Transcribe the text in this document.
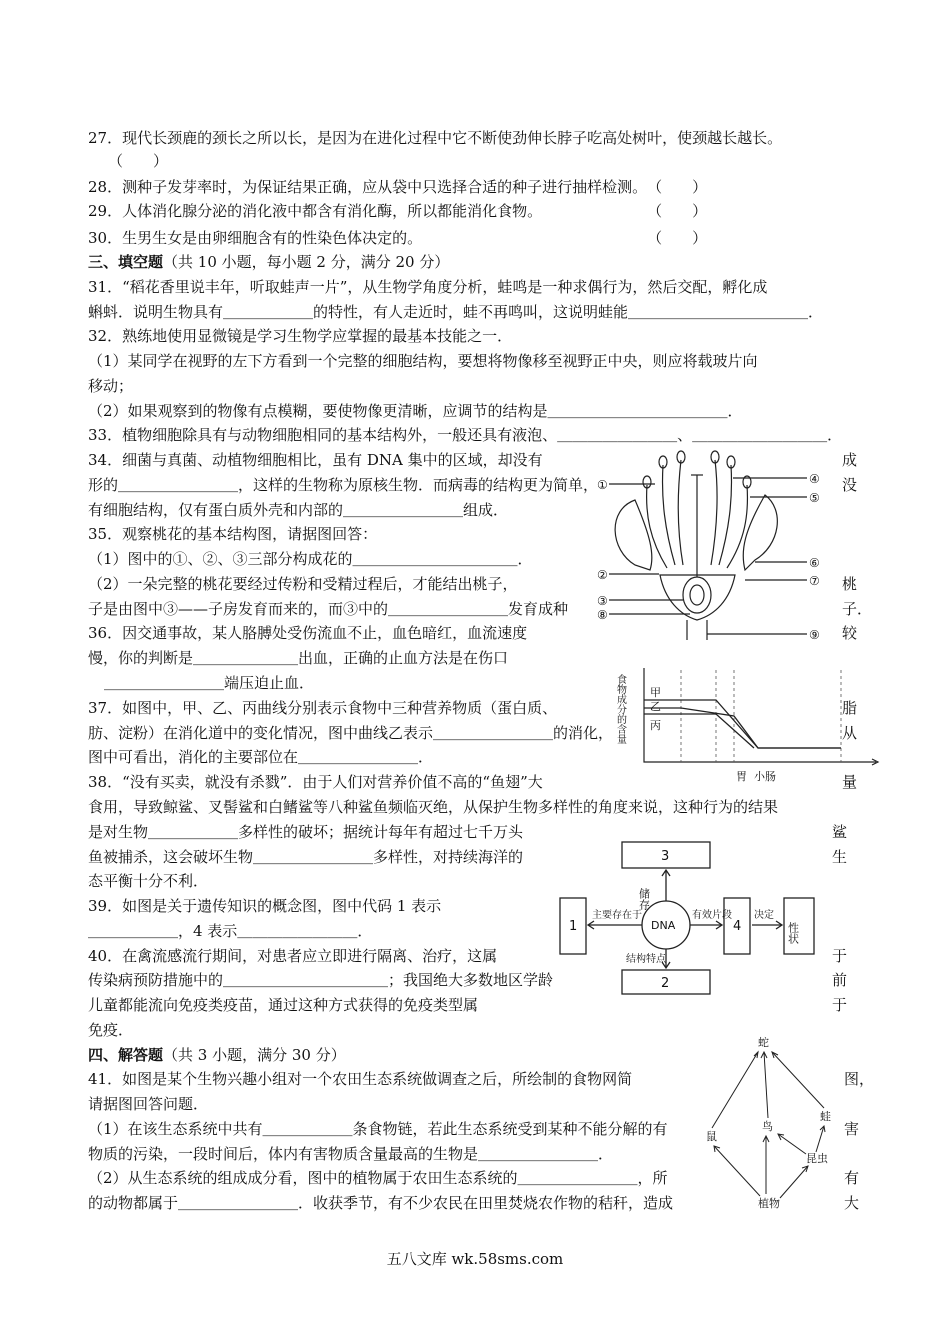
27．现代长颈鹿的颈长之所以长，是因为在进化过程中它不断使劲伸长脖子吃高处树叶，使颈越长越长。
（　　）
28．测种子发芽率时，为保证结果正确，应从袋中只选择合适的种子进行抽样检测。　（　　）
29．人体消化腺分泌的消化液中都含有消化酶，所以都能消化食物。　　　　　　　　（　　）
30．生男生女是由卵细胞含有的性染色体决定的。　　　　　　　　　　　　　　　　（　　）
三、填空题（共 10 小题，每小题 2 分，满分 20 分）
31．“稻花香里说丰年，听取蛙声一片”，从生物学角度分析，蛙鸣是一种求偶行为，然后交配，孵化成
蝌蚪．说明生物具有＿＿＿＿＿＿的特性，有人走近时，蛙不再鸣叫，这说明蛙能＿＿＿＿＿＿＿＿＿＿＿＿．
32．熟练地使用显微镜是学习生物学应掌握的最基本技能之一．
（1）某同学在视野的左下方看到一个完整的细胞结构，要想将物像移至视野正中央，则应将载玻片向
移动；
（2）如果观察到的物像有点模糊，要使物像更清晰，应调节的结构是＿＿＿＿＿＿＿＿＿＿＿＿．
33．植物细胞除具有与动物细胞相同的基本结构外，一般还具有液泡、＿＿＿＿＿＿＿＿、＿＿＿＿＿＿＿＿＿．
34．细菌与真菌、动植物细胞相比，虽有 DNA 集中的区域，却没有	成
形的＿＿＿＿＿＿＿＿，这样的生物称为原核生物．而病毒的结构更为简单，	没
有细胞结构，仅有蛋白质外壳和内部的＿＿＿＿＿＿＿＿组成．
35．观察桃花的基本结构图，请据图回答：
（1）图中的①、②、③三部分构成花的＿＿＿＿＿＿＿＿＿＿＿．
（2）一朵完整的桃花要经过传粉和受精过程后，才能结出桃子，	桃
子是由图中③——子房发育而来的，而③中的＿＿＿＿＿＿＿＿发育成种	子．
36．因交通事故，某人胳膊处受伤流血不止，血色暗红，血流速度	较
慢，你的判断是＿＿＿＿＿＿＿出血，正确的止血方法是在伤口
＿＿＿＿＿＿＿＿端压迫止血．
37．如图中，甲、乙、丙曲线分别表示食物中三种营养物质（蛋白质、	脂
肪、淀粉）在消化道中的变化情况，图中曲线乙表示＿＿＿＿＿＿＿＿的消化，	从
图中可看出，消化的主要部位在＿＿＿＿＿＿＿＿．
38．“没有买卖，就没有杀戮”．由于人们对营养价值不高的“鱼翅”大	量
食用，导致鲸鲨、叉髻鲨和白鳍鲨等八种鲨鱼频临灭绝，从保护生物多样性的角度来说，这种行为的结果
是对生物＿＿＿＿＿＿多样性的破坏；据统计每年有超过七千万头	鲨
鱼被捕杀，这会破坏生物＿＿＿＿＿＿＿＿多样性，对持续海洋的	生
态平衡十分不利．
39．如图是关于遗传知识的概念图，图中代码 1 表示
＿＿＿＿＿＿，4 表示＿＿＿＿＿＿＿＿．
40．在禽流感流行期间，对患者应立即进行隔离、治疗，这属	于
传染病预防措施中的＿＿＿＿＿＿＿＿＿＿＿；我国绝大多数地区学龄	前
儿童都能流向免疫类疫苗，通过这种方式获得的免疫类型属	于
免疫．
四、解答题（共 3 小题，满分 30 分）
41．如图是某个生物兴趣小组对一个农田生态系统做调查之后，所绘制的食物网简	图，
请据图回答问题．
（1）在该生态系统中共有＿＿＿＿＿＿条食物链，若此生态系统受到某种不能分解的有	害
物质的污染，一段时间后，体内有害物质含量最高的生物是＿＿＿＿＿＿＿＿．
（2）从生态系统的组成成分看，图中的植物属于农田生态系统的＿＿＿＿＿＿＿＿，所	有
的动物都属于＿＿＿＿＿＿＿＿．收获季节，有不少农民在田里焚烧农作物的秸秆，造成	大
①
②
③
⑧
④
⑤
⑥
⑦
⑨
食物成分的含量 甲
乙
丙
胃 小肠
3
1	4
2
DNA	性状
储存
主要存在于	有效片段 决定
结构特点
蛇
鸟
蛙
鼠
昆虫
植物
五八文库 wk.58sms.com
